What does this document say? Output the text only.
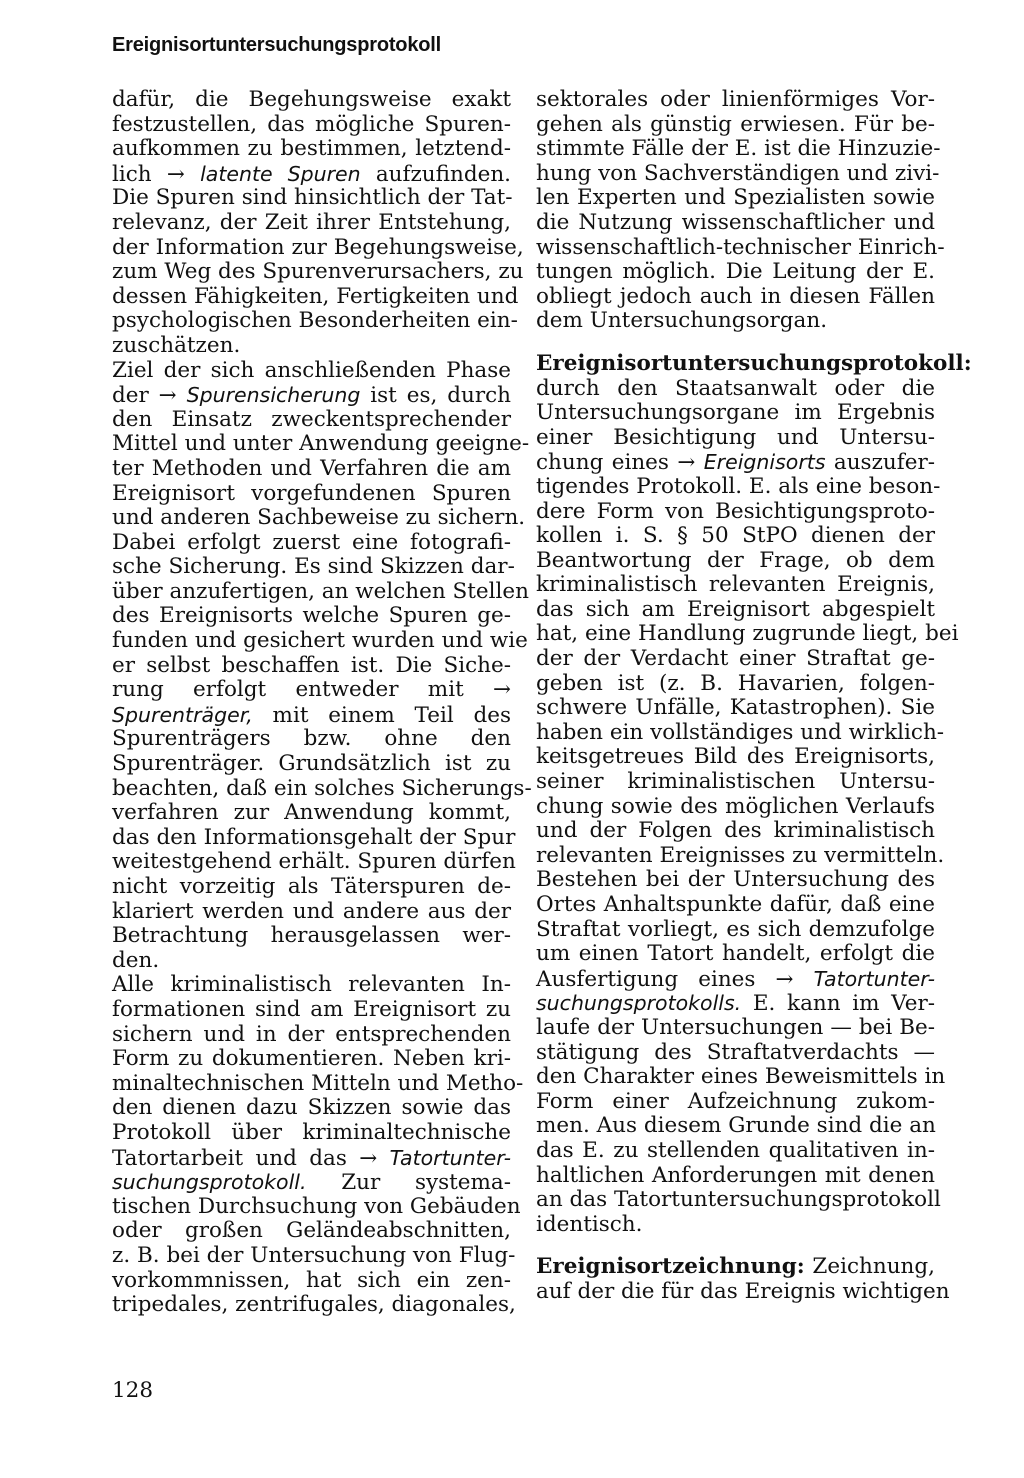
Ereignisortuntersuchungsprotokoll
dafür, die Begehungsweise exakt
festzustellen, das mögliche Spuren-
aufkommen zu bestimmen, letztend-
lich → latente Spuren aufzufinden.
Die Spuren sind hinsichtlich der Tat-
relevanz, der Zeit ihrer Entstehung,
der Information zur Begehungsweise,
zum Weg des Spurenverursachers, zu
dessen Fähigkeiten, Fertigkeiten und
psychologischen Besonderheiten ein-
zuschätzen.
Ziel der sich anschließenden Phase
der → Spurensicherung ist es, durch
den Einsatz zweckentsprechender
Mittel und unter Anwendung geeigne-
ter Methoden und Verfahren die am
Ereignisort vorgefundenen Spuren
und anderen Sachbeweise zu sichern.
Dabei erfolgt zuerst eine fotografi-
sche Sicherung. Es sind Skizzen dar-
über anzufertigen, an welchen Stellen
des Ereignisorts welche Spuren ge-
funden und gesichert wurden und wie
er selbst beschaffen ist. Die Siche-
rung erfolgt entweder mit →
Spurenträger, mit einem Teil des
Spurenträgers bzw. ohne den
Spurenträger. Grundsätzlich ist zu
beachten, daß ein solches Sicherungs-
verfahren zur Anwendung kommt,
das den Informationsgehalt der Spur
weitestgehend erhält. Spuren dürfen
nicht vorzeitig als Täterspuren de-
klariert werden und andere aus der
Betrachtung herausgelassen wer-
den.
Alle kriminalistisch relevanten In-
formationen sind am Ereignisort zu
sichern und in der entsprechenden
Form zu dokumentieren. Neben kri-
minaltechnischen Mitteln und Metho-
den dienen dazu Skizzen sowie das
Protokoll über kriminaltechnische
Tatortarbeit und das → Tatortunter-
suchungsprotokoll. Zur systema-
tischen Durchsuchung von Gebäuden
oder großen Geländeabschnitten,
z. B. bei der Untersuchung von Flug-
vorkommnissen, hat sich ein zen-
tripedales, zentrifugales, diagonales,
sektorales oder linienförmiges Vor-
gehen als günstig erwiesen. Für be-
stimmte Fälle der E. ist die Hinzuzie-
hung von Sachverständigen und zivi-
len Experten und Spezialisten sowie
die Nutzung wissenschaftlicher und
wissenschaftlich-technischer Einrich-
tungen möglich. Die Leitung der E.
obliegt jedoch auch in diesen Fällen
dem Untersuchungsorgan.
Ereignisortuntersuchungsprotokoll:
durch den Staatsanwalt oder die
Untersuchungsorgane im Ergebnis
einer Besichtigung und Untersu-
chung eines → Ereignisorts auszufer-
tigendes Protokoll. E. als eine beson-
dere Form von Besichtigungsproto-
kollen i. S. § 50 StPO dienen der
Beantwortung der Frage, ob dem
kriminalistisch relevanten Ereignis,
das sich am Ereignisort abgespielt
hat, eine Handlung zugrunde liegt, bei
der der Verdacht einer Straftat ge-
geben ist (z. B. Havarien, folgen-
schwere Unfälle, Katastrophen). Sie
haben ein vollständiges und wirklich-
keitsgetreues Bild des Ereignisorts,
seiner kriminalistischen Untersu-
chung sowie des möglichen Verlaufs
und der Folgen des kriminalistisch
relevanten Ereignisses zu vermitteln.
Bestehen bei der Untersuchung des
Ortes Anhaltspunkte dafür, daß eine
Straftat vorliegt, es sich demzufolge
um einen Tatort handelt, erfolgt die
Ausfertigung eines → Tatortunter-
suchungsprotokolls. E. kann im Ver-
laufe der Untersuchungen — bei Be-
stätigung des Straftatverdachts —
den Charakter eines Beweismittels in
Form einer Aufzeichnung zukom-
men. Aus diesem Grunde sind die an
das E. zu stellenden qualitativen in-
haltlichen Anforderungen mit denen
an das Tatortuntersuchungsprotokoll
identisch.
Ereignisortzeichnung: Zeichnung,
auf der die für das Ereignis wichtigen
128
